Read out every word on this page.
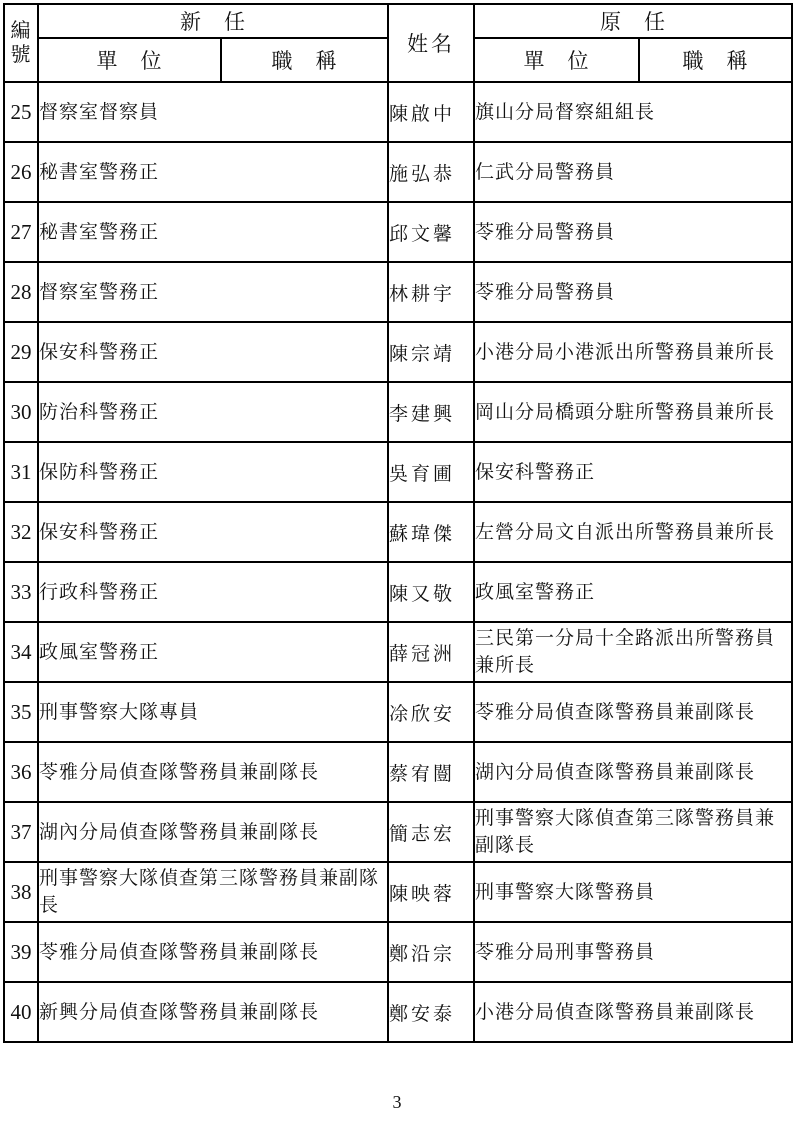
編號	新　任		姓名	原　任	
	單　位	職　稱		單　位	職　稱
25	督察室督察員		陳啟中	旗山分局督察組組長	
26	秘書室警務正		施弘恭	仁武分局警務員	
27	秘書室警務正		邱文馨	苓雅分局警務員	
28	督察室警務正		林耕宇	苓雅分局警務員	
29	保安科警務正		陳宗靖	小港分局小港派出所警務員兼所長	
30	防治科警務正		李建興	岡山分局橋頭分駐所警務員兼所長	
31	保防科警務正		吳育圃	保安科警務正	
32	保安科警務正		蘇瑋傑	左營分局文自派出所警務員兼所長	
33	行政科警務正		陳又敬	政風室警務正	
34	政風室警務正		薛冠洲	三民第一分局十全路派出所警務員兼所長	
35	刑事警察大隊專員		凃欣安	苓雅分局偵查隊警務員兼副隊長	
36	苓雅分局偵查隊警務員兼副隊長		蔡宥闓	湖內分局偵查隊警務員兼副隊長	
37	湖內分局偵查隊警務員兼副隊長		簡志宏	刑事警察大隊偵查第三隊警務員兼副隊長	
38	刑事警察大隊偵查第三隊警務員兼副隊長		陳映蓉	刑事警察大隊警務員	
39	苓雅分局偵查隊警務員兼副隊長		鄭沿宗	苓雅分局刑事警務員	
40	新興分局偵查隊警務員兼副隊長		鄭安泰	小港分局偵查隊警務員兼副隊長	
3
